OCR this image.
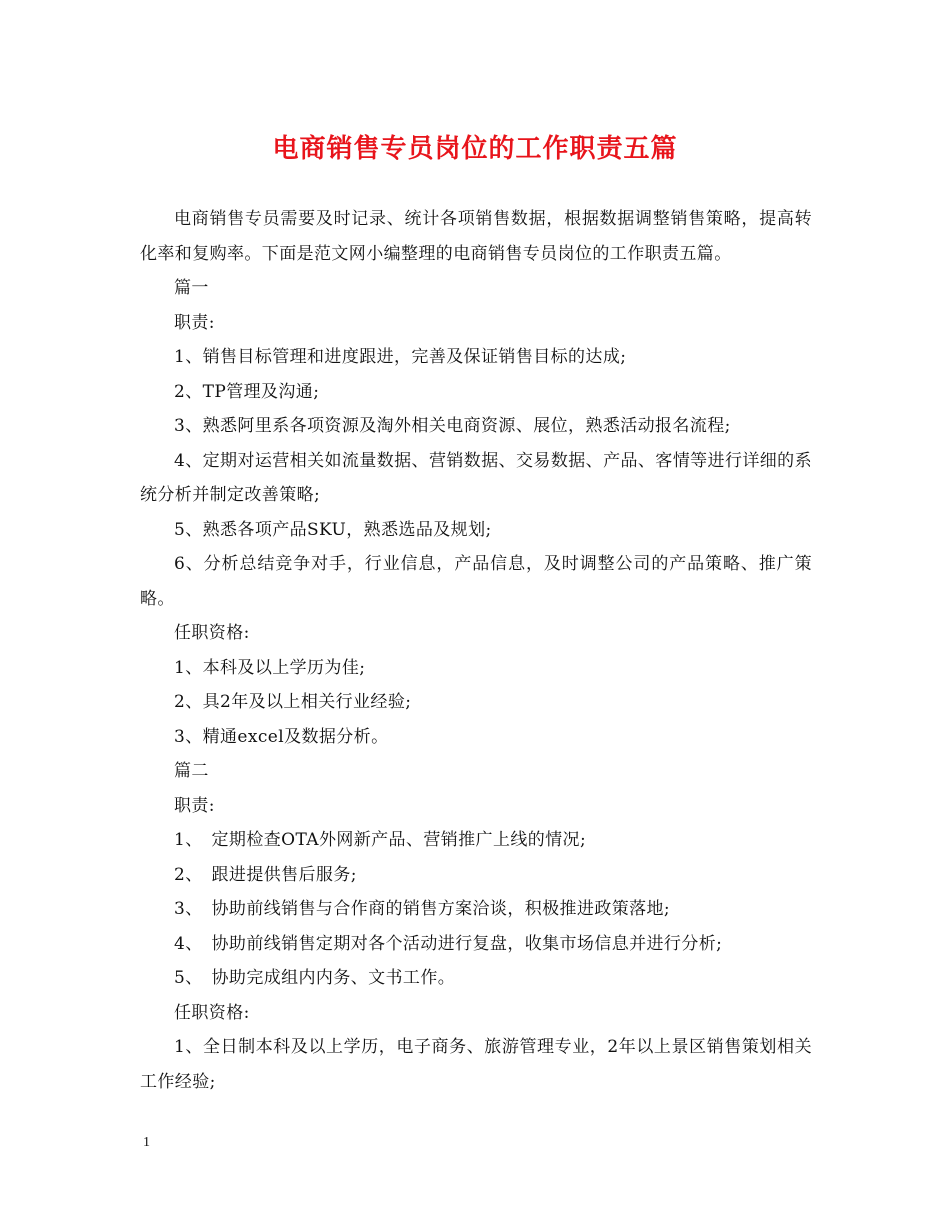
电商销售专员岗位的工作职责五篇

电商销售专员需要及时记录、统计各项销售数据，根据数据调整销售策略，提高转化率和复购率。下面是范文网小编整理的电商销售专员岗位的工作职责五篇。

篇一

职责:

1、销售目标管理和进度跟进，完善及保证销售目标的达成;

2、TP管理及沟通;

3、熟悉阿里系各项资源及淘外相关电商资源、展位，熟悉活动报名流程;

4、定期对运营相关如流量数据、营销数据、交易数据、产品、客情等进行详细的系统分析并制定改善策略;

5、熟悉各项产品SKU，熟悉选品及规划;

6、分析总结竞争对手，行业信息，产品信息，及时调整公司的产品策略、推广策略。

任职资格:

1、本科及以上学历为佳;

2、具2年及以上相关行业经验;

3、精通excel及数据分析。

篇二

职责:

1、　定期检查OTA外网新产品、营销推广上线的情况;

2、　跟进提供售后服务;

3、　协助前线销售与合作商的销售方案洽谈，积极推进政策落地;

4、　协助前线销售定期对各个活动进行复盘，收集市场信息并进行分析;

5、　协助完成组内内务、文书工作。

任职资格:

1、全日制本科及以上学历，电子商务、旅游管理专业，2年以上景区销售策划相关工作经验;

1
